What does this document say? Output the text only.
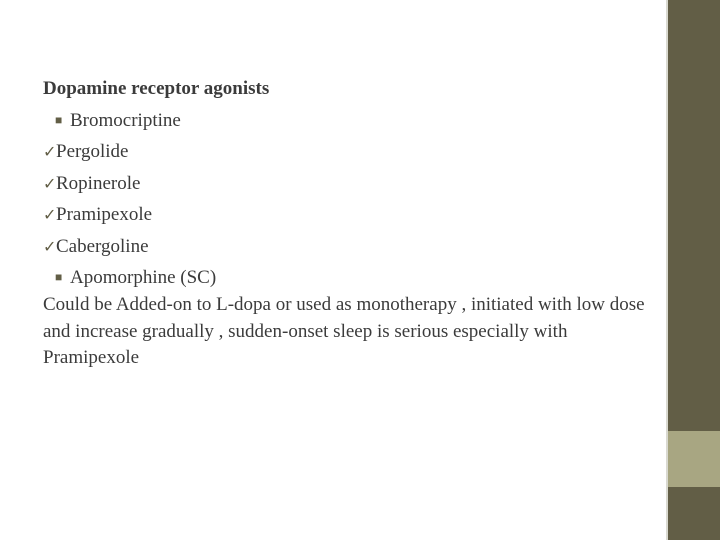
Dopamine receptor agonists

■ Bromocriptine
✓ Pergolide
✓ Ropinerole
✓ Pramipexole
✓ Cabergoline
■ Apomorphine (SC)

Could be Added-on to L-dopa or used as monotherapy , initiated with low dose and increase gradually , sudden-onset sleep is serious especially with Pramipexole
